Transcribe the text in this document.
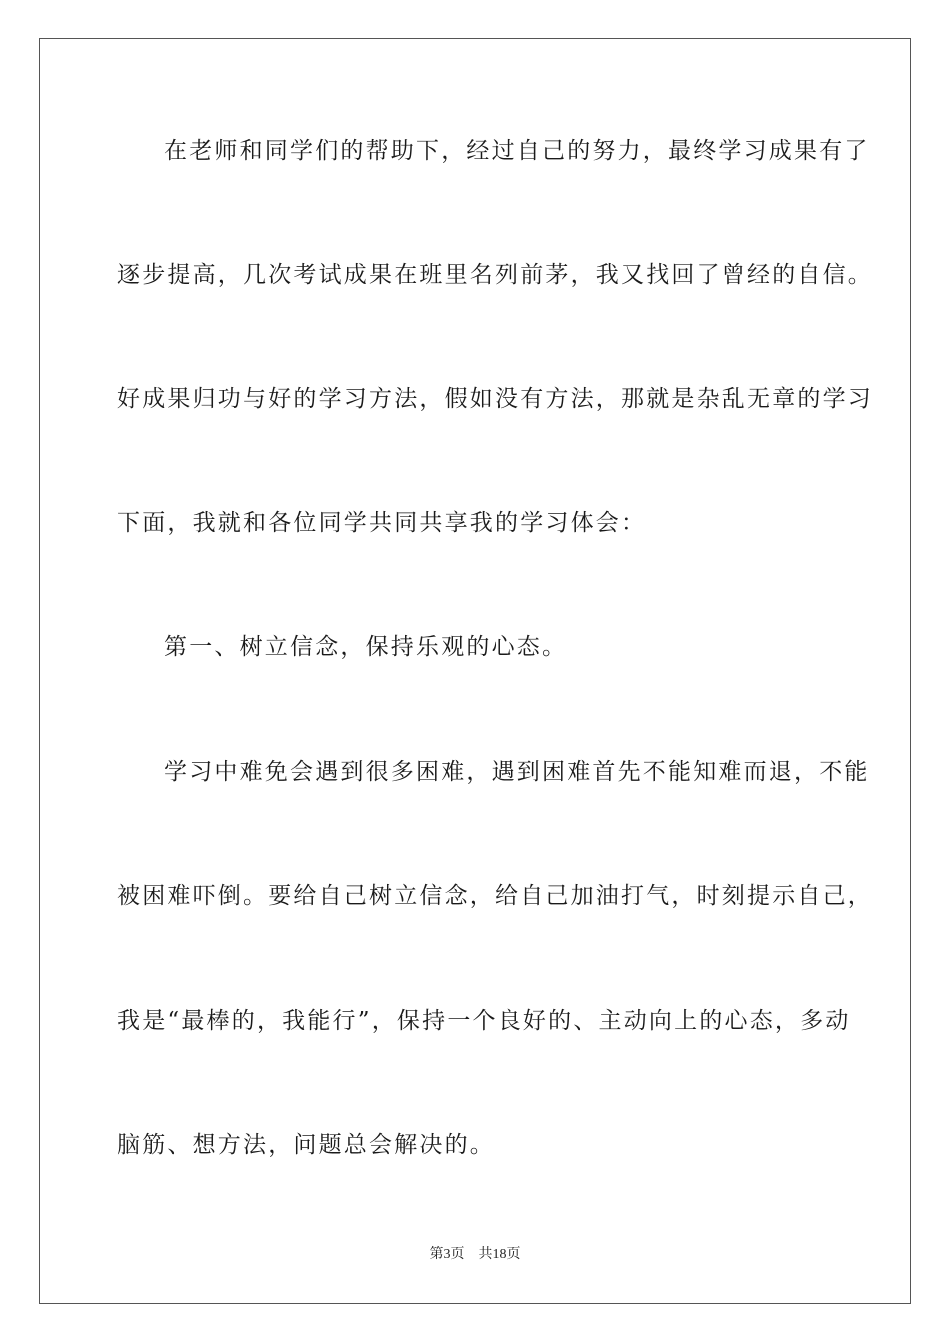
在老师和同学们的帮助下，经过自己的努力，最终学习成果有了
逐步提高，几次考试成果在班里名列前茅，我又找回了曾经的自信。
好成果归功与好的学习方法，假如没有方法，那就是杂乱无章的学习
下面，我就和各位同学共同共享我的学习体会：
第一、树立信念，保持乐观的心态。
学习中难免会遇到很多困难，遇到困难首先不能知难而退，不能
被困难吓倒。要给自己树立信念，给自己加油打气，时刻提示自己，
我是“最棒的，我能行”，保持一个良好的、主动向上的心态，多动
脑筋、想方法，问题总会解决的。
第3页 共18页
